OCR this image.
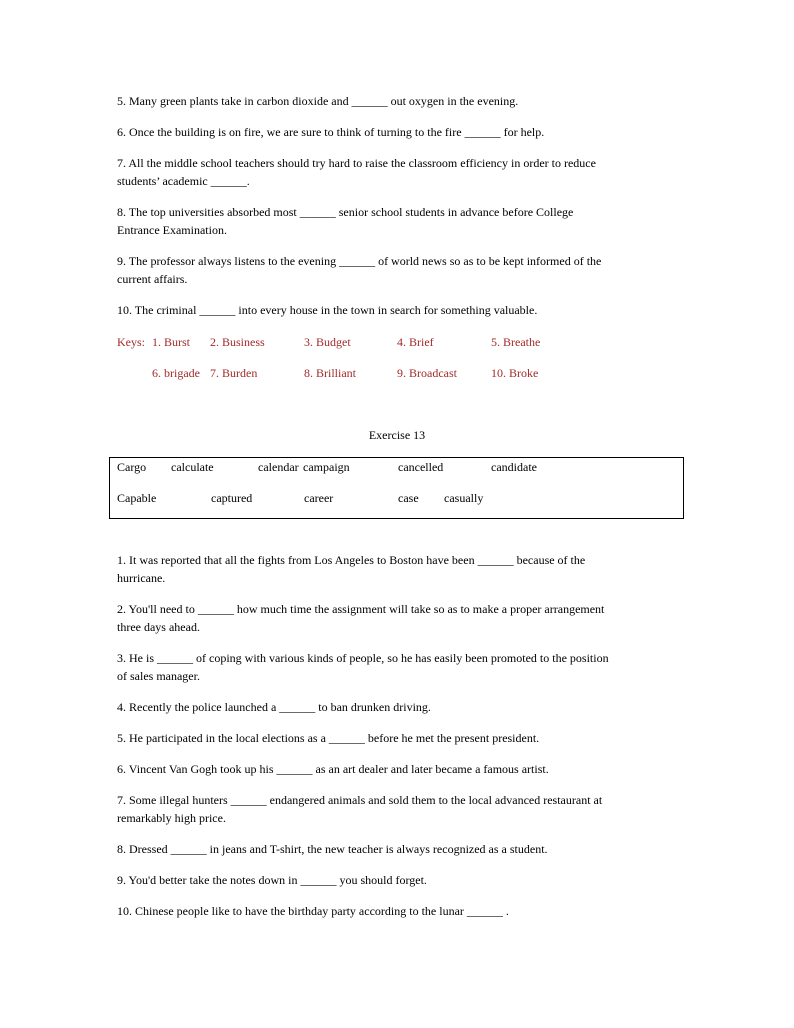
5. Many green plants take in carbon dioxide and ______ out oxygen in the evening.
6. Once the building is on fire, we are sure to think of turning to the fire ______ for help.
7. All the middle school teachers should try hard to raise the classroom efficiency in order to reduce
students’ academic ______.
8. The top universities absorbed most ______ senior school students in advance before College
Entrance Examination.
9. The professor always listens to the evening ______ of world news so as to be kept informed of the
current affairs.
10. The criminal ______ into every house in the town in search for something valuable.
Keys: 1. Burst 2. Business	3. Budget	4. Brief	5. Breathe
6. brigade 7. Burden	8. Brilliant	9. Broadcast	10. Broke
Exercise 13
Cargo calculate	calendar campaign	cancelled	candidate
Capable	captured	career	case casually
1. It was reported that all the fights from Los Angeles to Boston have been ______ because of the
hurricane.
2. You'll need to ______ how much time the assignment will take so as to make a proper arrangement
three days ahead.
3. He is ______ of coping with various kinds of people, so he has easily been promoted to the position
of sales manager.
4. Recently the police launched a ______ to ban drunken driving.
5. He participated in the local elections as a ______ before he met the present president.
6. Vincent Van Gogh took up his ______ as an art dealer and later became a famous artist.
7. Some illegal hunters ______ endangered animals and sold them to the local advanced restaurant at
remarkably high price.
8. Dressed ______ in jeans and T-shirt, the new teacher is always recognized as a student.
9. You'd better take the notes down in ______ you should forget.
10. Chinese people like to have the birthday party according to the lunar ______ .
